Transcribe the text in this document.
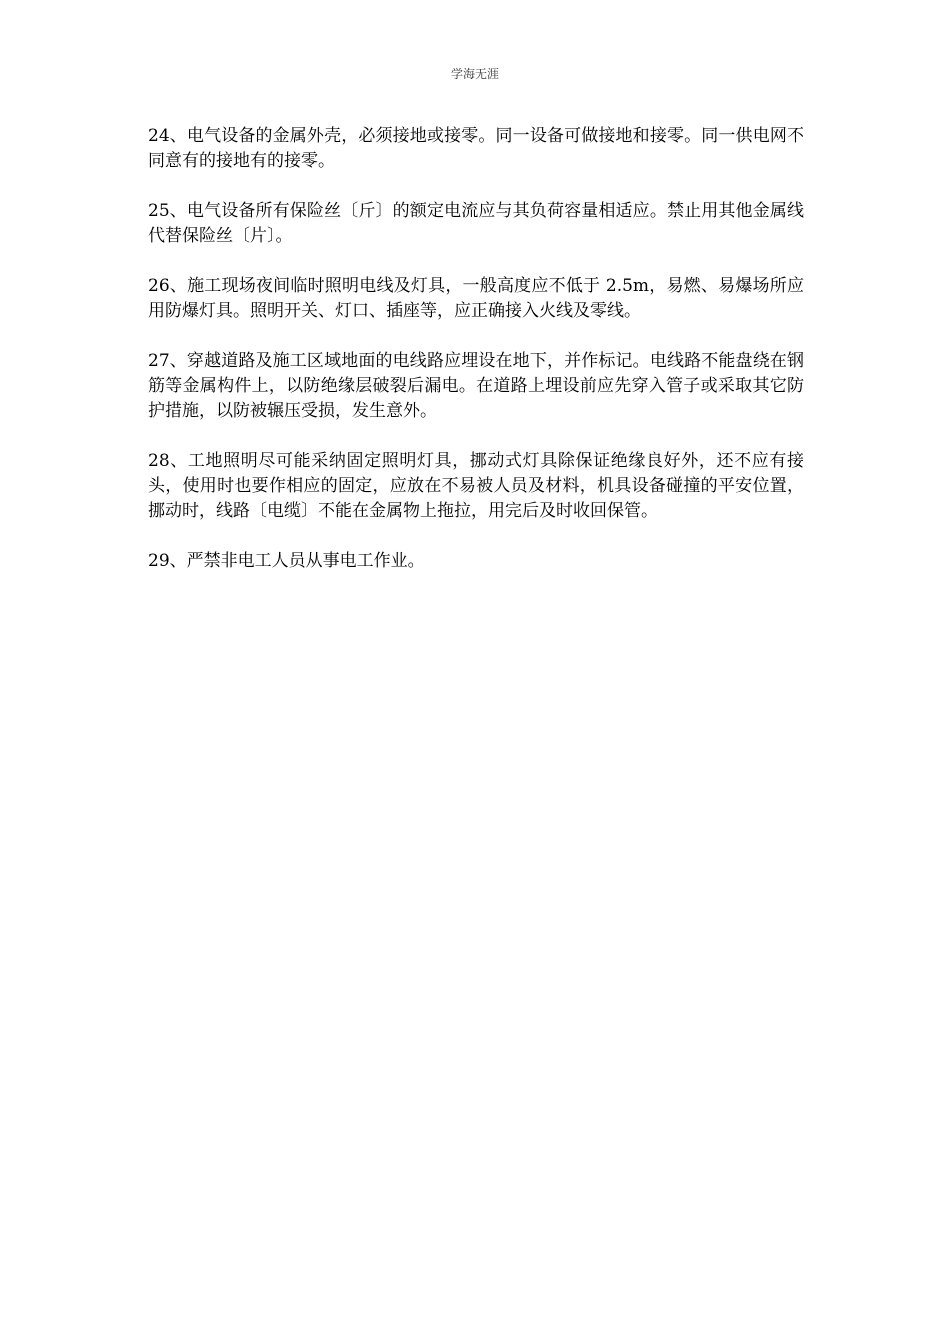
学海无涯

24、电气设备的金属外壳，必须接地或接零。同一设备可做接地和接零。同一供电网不同意有的接地有的接零。

25、电气设备所有保险丝〔斤〕的额定电流应与其负荷容量相适应。禁止用其他金属线代替保险丝〔片〕。

26、施工现场夜间临时照明电线及灯具，一般高度应不低于 2.5m，易燃、易爆场所应用防爆灯具。照明开关、灯口、插座等，应正确接入火线及零线。

27、穿越道路及施工区域地面的电线路应埋设在地下，并作标记。电线路不能盘绕在钢筋等金属构件上，以防绝缘层破裂后漏电。在道路上埋设前应先穿入管子或采取其它防护措施，以防被辗压受损，发生意外。

28、工地照明尽可能采纳固定照明灯具，挪动式灯具除保证绝缘良好外，还不应有接头，使用时也要作相应的固定，应放在不易被人员及材料，机具设备碰撞的平安位置，挪动时，线路〔电缆〕不能在金属物上拖拉，用完后及时收回保管。

29、严禁非电工人员从事电工作业。
